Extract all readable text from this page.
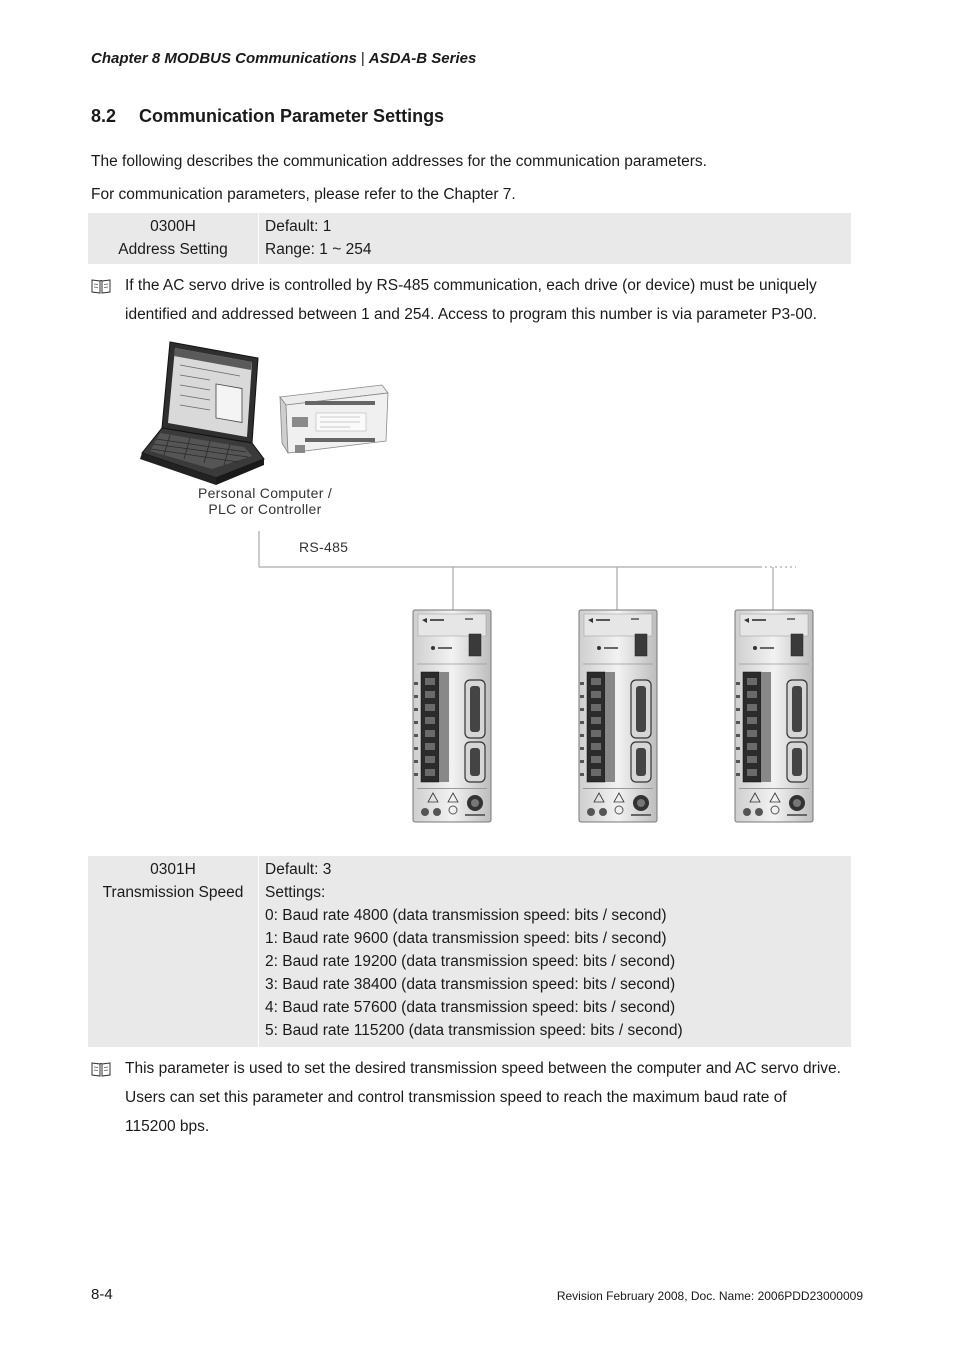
Chapter 8 MODBUS Communications | ASDA-B Series
8.2 Communication Parameter Settings
The following describes the communication addresses for the communication parameters.
For communication parameters, please refer to the Chapter 7.
0300H
Address Setting
Default: 1
Range: 1 ~ 254
If the AC servo drive is controlled by RS-485 communication, each drive (or device) must be uniquely
identified and addressed between 1 and 254. Access to program this number is via parameter P3-00.
Personal Computer /
PLC or Controller
RS-485
0301H
Transmission Speed
Default: 3
Settings:
0: Baud rate 4800 (data transmission speed: bits / second)
1: Baud rate 9600 (data transmission speed: bits / second)
2: Baud rate 19200 (data transmission speed: bits / second)
3: Baud rate 38400 (data transmission speed: bits / second)
4: Baud rate 57600 (data transmission speed: bits / second)
5: Baud rate 115200 (data transmission speed: bits / second)
This parameter is used to set the desired transmission speed between the computer and AC servo drive.
Users can set this parameter and control transmission speed to reach the maximum baud rate of
115200 bps.
8-4	Revision February 2008, Doc. Name: 2006PDD23000009
